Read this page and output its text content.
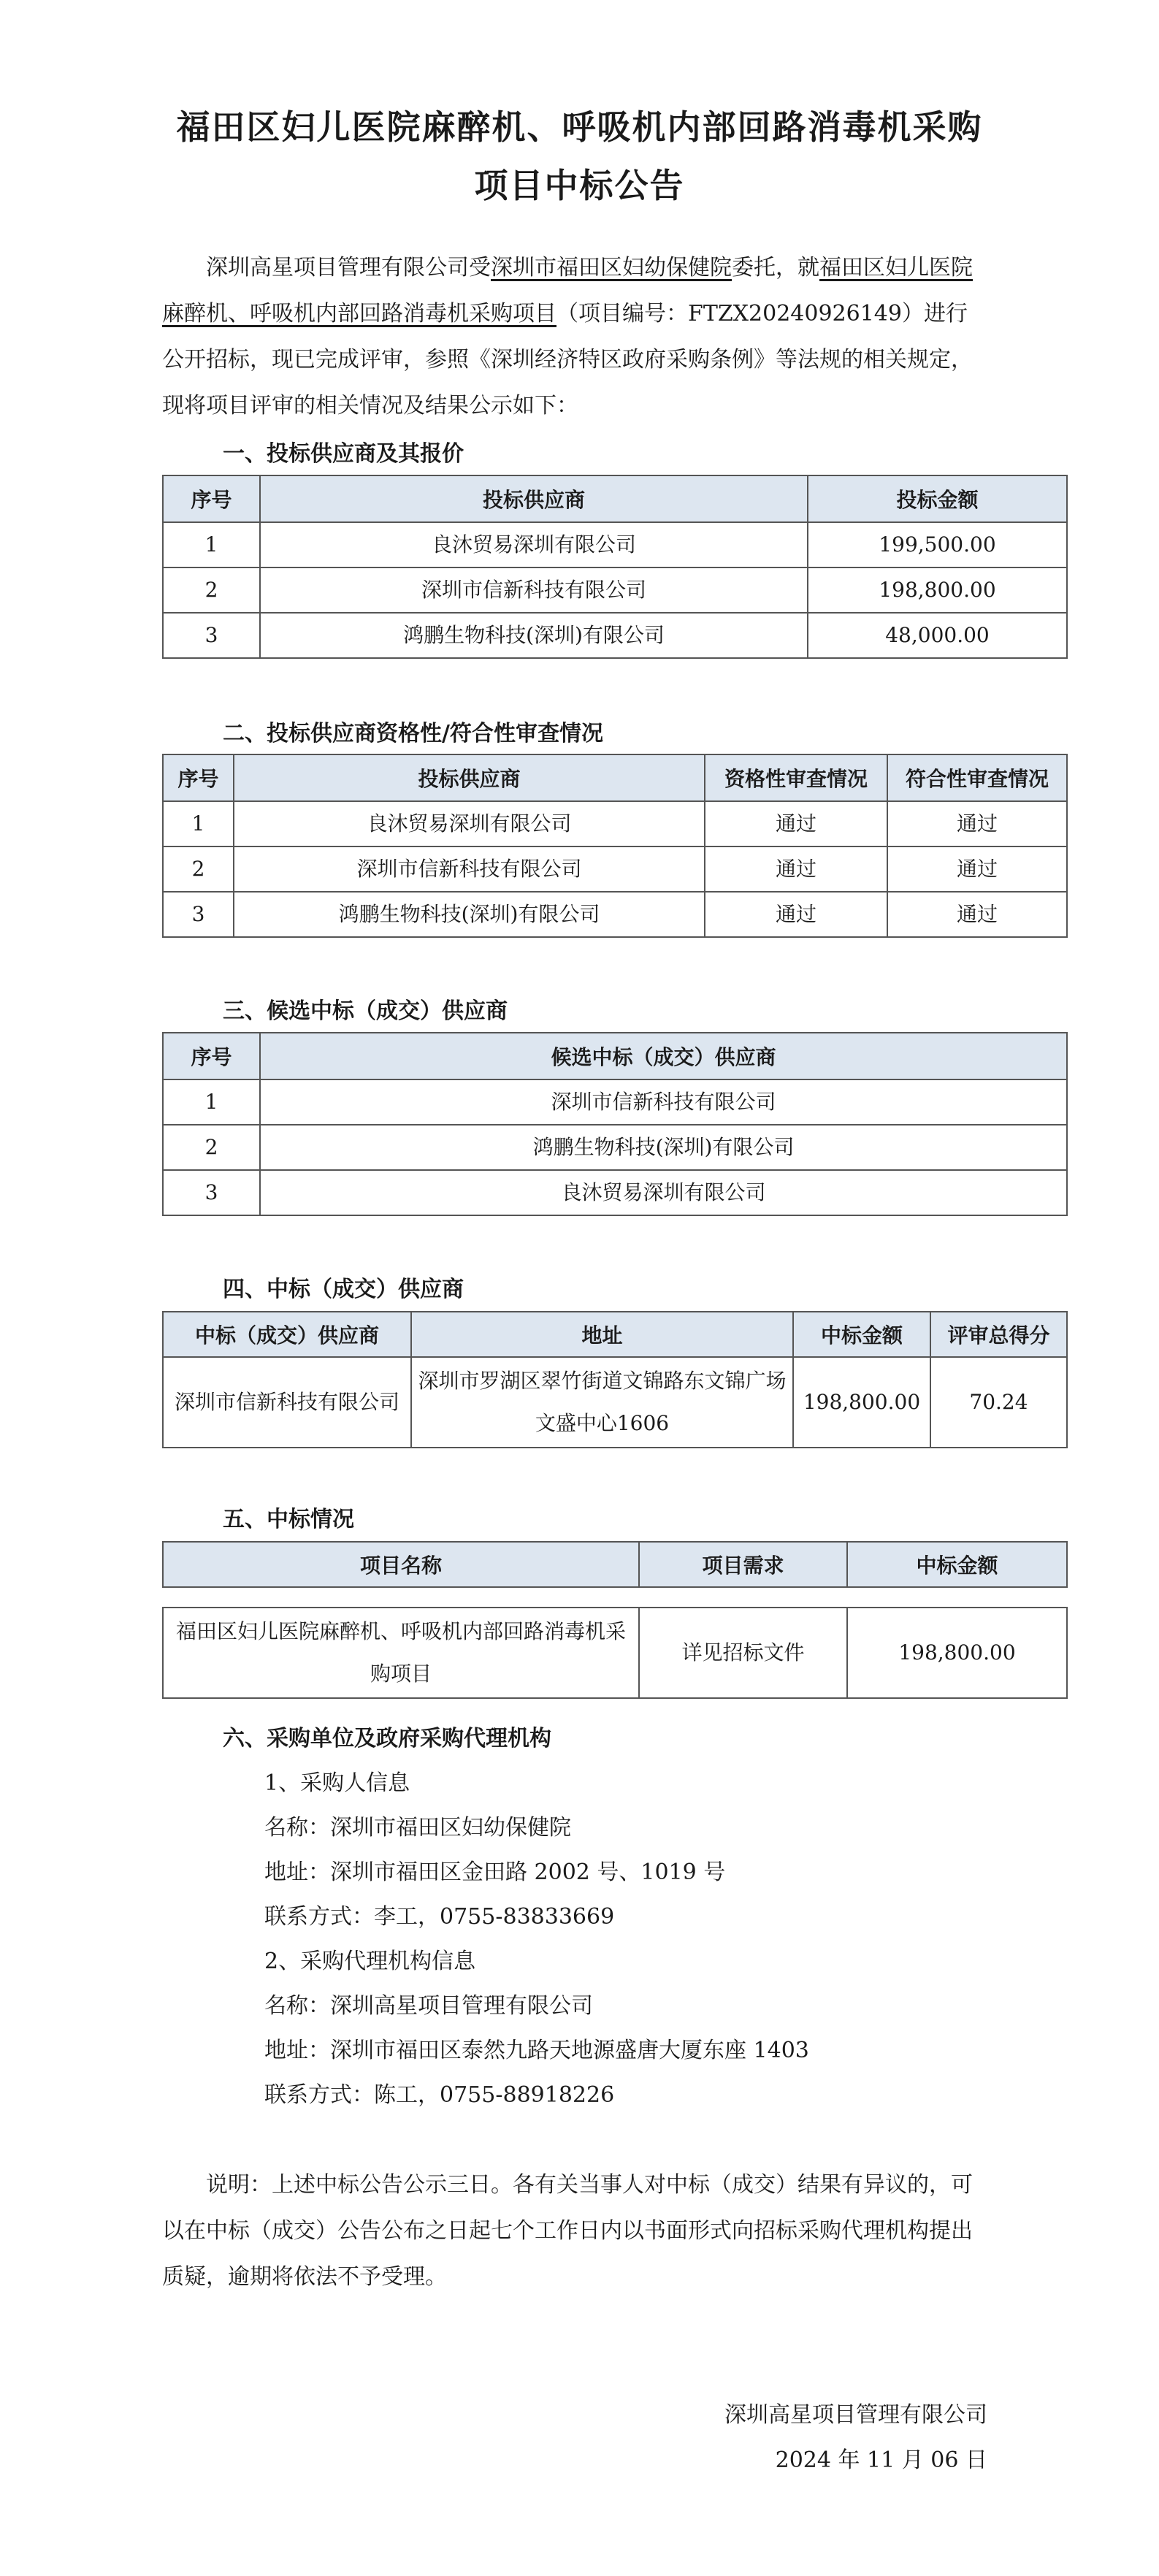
福田区妇儿医院麻醉机、呼吸机内部回路消毒机采购
项目中标公告

深圳高星项目管理有限公司受深圳市福田区妇幼保健院委托，就福田区妇儿医院麻醉机、呼吸机内部回路消毒机采购项目（项目编号：FTZX20240926149）进行公开招标，现已完成评审，参照《深圳经济特区政府采购条例》等法规的相关规定，现将项目评审的相关情况及结果公示如下：

一、投标供应商及其报价

序号	投标供应商	投标金额
1	良沐贸易深圳有限公司	199,500.00
2	深圳市信新科技有限公司	198,800.00
3	鸿鹏生物科技(深圳)有限公司	48,000.00

二、投标供应商资格性/符合性审查情况

序号	投标供应商	资格性审查情况	符合性审查情况
1	良沐贸易深圳有限公司	通过	通过
2	深圳市信新科技有限公司	通过	通过
3	鸿鹏生物科技(深圳)有限公司	通过	通过

三、候选中标（成交）供应商

序号	候选中标（成交）供应商
1	深圳市信新科技有限公司
2	鸿鹏生物科技(深圳)有限公司
3	良沐贸易深圳有限公司

四、中标（成交）供应商

中标（成交）供应商	地址	中标金额	评审总得分
深圳市信新科技有限公司	深圳市罗湖区翠竹街道文锦路东文锦广场文盛中心1606	198,800.00	70.24

五、中标情况

项目名称	项目需求	中标金额
福田区妇儿医院麻醉机、呼吸机内部回路消毒机采购项目	详见招标文件	198,800.00

六、采购单位及政府采购代理机构

1、采购人信息

名称：深圳市福田区妇幼保健院

地址：深圳市福田区金田路 2002 号、1019 号

联系方式：李工，0755-83833669

2、采购代理机构信息

名称：深圳高星项目管理有限公司

地址：深圳市福田区泰然九路天地源盛唐大厦东座 1403

联系方式：陈工，0755-88918226

说明：上述中标公告公示三日。各有关当事人对中标（成交）结果有异议的，可以在中标（成交）公告公布之日起七个工作日内以书面形式向招标采购代理机构提出质疑，逾期将依法不予受理。

深圳高星项目管理有限公司

2024 年 11 月 06 日
